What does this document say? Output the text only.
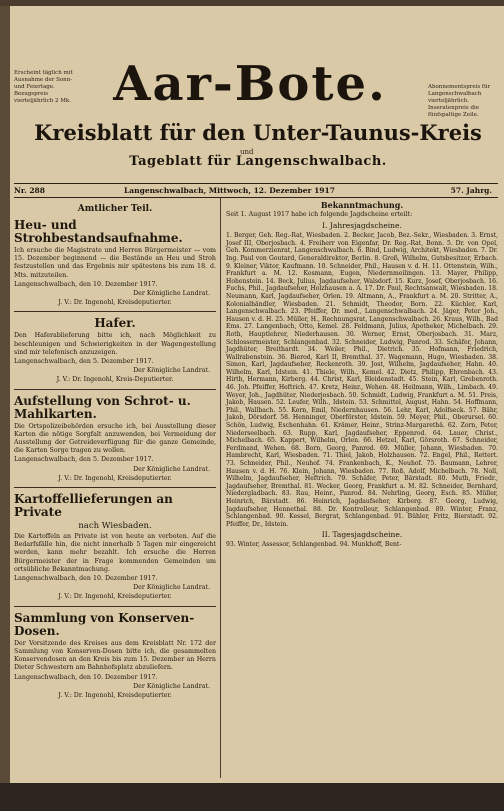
Erscheint täglich mit Ausnahme der Sonn- und Feiertage. Bezugspreis vierteljährlich 2 Mk. Aar-Bote.	Abonnementspreis für Langenschwalbach vierteljährlich. Inseratenpreis die fünfspaltige Zeile.
Kreisblatt für den Unter-Taunus-Kreis
und
Tageblatt für Langenschwalbach.
Nr. 288	Langenschwalbach, Mittwoch, 12. Dezember 1917	57. Jahrg.
Amtlicher Teil.
Heu- und Strohbestandsaufnahme.

Ich ersuche die Magistrate und Herren Bürgermeister — vom 15. Dezember beginnend — die Bestände an Heu und Stroh festzustellen und das Ergebnis mir spätestens bis zum 18. d. Mts. mitzuteilen.

Langenschwalbach, den 10. Dezember 1917.

Der Königliche Landrat.

J. V.: Dr. Ingenohl, Kreisdeputierter.

Hafer.

Den Haferablieferung bitte ich, nach Möglichkeit zu beschleunigen und Schwierigkeiten in der Wagengestellung sind mir telefonisch anzuzeigen.

Langenschwalbach, den 5. Dezember 1917.

Der Königliche Landrat.

J. V.: Dr. Ingenohl, Kreis-Deputierter.

Aufstellung von Schrot- u. Mahlkarten.

Die Ortspolizeibehörden ersuche ich, bei Ausstellung dieser Karten die nötige Sorgfalt anzuwenden, bei Vermeidung der Ausstellung der Getreideverfügung für die ganze Gemeinde, die Karten Sorge tragen zu wollen.

Langenschwalbach, den 5. Dezember 1917.

Der Königliche Landrat.

J. V.: Dr. Ingenohl, Kreisdeputierter.

Kartoffellieferungen an Private
nach Wiesbaden.

Die Kartoffeln an Private ist von heute an verboten. Auf die Bedarfsfälle hin, die nicht innerhalb 5 Tagen mir eingereicht werden, kann mehr bezahlt. Ich ersuche die Herren Bürgermeister der in Frage kommenden Gemeinden um ortsübliche Bekanntmachung.

Langenschwalbach, den 10. Dezember 1917.

Der Königliche Landrat.

J. V.: Dr. Ingenohl, Kreisdeputierter.

Sammlung von Konserven-Dosen.

Der Vorsitzende des Kreises aus dem Kreisblatt Nr. 172 der Sammlung von Konserven-Dosen bitte ich, die gesammelten Konservendosen an den Kreis bis zum 15. Dezember an Herrn Dieter Schwestern am Bahnhofsplatz abzuliefern.

Langenschwalbach, den 10. Dezember 1917.

Der Königliche Landrat.

J. V.: Dr. Ingenohl, Kreisdeputierter.

Bekanntmachung.

Seit 1. August 1917 habe ich folgende Jagdscheine erteilt:

I. Jahresjagdscheine.

1. Berger, Geh. Reg.-Rat, Wiesbaden. 2. Becker, Jacob, Bez.-Sekr., Wiesbaden. 3. Ernst, Josef III, Oberjosbach. 4. Freiherr von Eigenfar, Dr. Reg.-Rat, Bonn. 5. Dr. von Opel, Geh. Kommerzienrat, Langenschwalbach. 6. Bind, Ludwig, Architekt, Wiesbaden. 7. Dr. Ing. Paul von Goutard, Generaldirektor, Berlin. 8. Groß, Wilhelm, Gutsbesitzer, Erbach. 9. Kleiner, Viktor, Kaufmann. 10. Schneider, Phil., Hausen v. d. H. 11. Ottenstein, Wilh., Frankfurt a. M. 12. Kosmann, Eugen, Niedernmeilingen. 13. Mayer, Philipp, Hohenstein. 14. Beck, Julius, Jagdaufseher, Walsdorf. 15. Kurz, Josef, Oberjosbach. 16. Fuchs, Phil., Jagdaufseher, Holzhausen a. A. 17. Dr. Paul, Rechtsanwalt, Wiesbaden. 18. Neumann, Karl, Jagdaufseher, Orlen. 19. Altmann, A., Frankfurt a. M. 20. Stritter, A., Kolonialhändler, Wiesbaden. 21. Schmidt, Theodor, Born. 22. Küchler, Karl, Langenschwalbach. 23. Pfeiffer, Dr. med., Langenschwalbach. 24. Jäger, Peter Joh., Hausen v. d. H. 25. Müller, H., Rechnungsrat, Langenschwalbach. 26. Kraus, Wilh., Bad Ems. 27. Langenbach, Otto, Kemel. 28. Feldmann, Julius, Apotheker, Michelbach. 29. Roth, Hauptlehrer, Niederhausen. 30. Werner, Ernst, Oberjosbach. 31. Marz, Schlossermeister, Schlangenbad. 32. Schneider, Ludwig, Panrod. 33. Schäfer, Johann, Jagdhüter, Breithardt. 34. Weiler, Phil., Dietrich. 35. Hofmann, Friedrich, Wallrabenstein. 36. Bierod, Karl II, Bremthal. 37. Wagemann, Hugo, Wiesbaden. 38. Simon, Karl, Jagdaufseher, Reckenroth. 39. Jost, Wilhelm, Jagdaufseher, Hahn. 40. Wilhelm, Karl, Idstein. 41. Thiele, Wilh., Kemel. 42. Dietz, Philipp, Ehrenbach. 43. Hirth, Hermann, Kirberg. 44. Christ, Karl, Bleidenstadt. 45. Stein, Karl, Grebenroth. 46. Joh. Pfeiffer, Heftrich. 47. Kretz, Heinr., Wehen. 48. Heilmann, Wilh., Limbach. 49. Weyer, Joh., Jagdhüter, Niederjosbach. 50. Schmidt, Ludwig, Frankfurt a. M. 51. Preis, Jakob, Hausen. 52. Leufer, Wilh., Idstein. 53. Schmittel, August, Hahn. 54. Hoffmann, Phil., Wallbach. 55. Kern, Emil, Niedernhausen. 56. Lehr, Karl, Adolfseck. 57. Bähr, Jakob, Dörsdorf. 58. Henninger, Oberförster, Idstein. 59. Meyer, Phil., Oberursel. 60. Schön, Ludwig, Eschenhahn. 61. Krämer, Heinr., Strinz-Margarethä. 62. Zorn, Peter, Niederseelbach. 63. Rupp, Karl, Jagdaufseher, Eppenrod. 64. Lauer, Christ., Michelbach. 65. Kappert, Wilhelm, Orlen. 66. Hetzel, Karl, Görsroth. 67. Schneider, Ferdinand, Wehen. 68. Born, Georg, Panrod. 69. Müller, Johann, Wiesbaden. 70. Hambrecht, Karl, Wiesbaden. 71. Thiel, Jakob, Holzhausen. 72. Engel, Phil., Rettert. 73. Schneider, Phil., Neuhof. 74. Frankenbach, K., Neuhof. 75. Baumann, Lehrer, Hausen v. d. H. 76. Klein, Johann, Wiesbaden. 77. Roß, Adolf, Michelbach. 78. Noll, Wilhelm, Jagdaufseher, Heftrich. 79. Schäfer, Peter, Bärstadt. 80. Muth, Friedr., Jagdaufseher, Bremthal. 81. Wecker, Georg, Frankfurt a. M. 82. Schneider, Bernhard, Niedergladbach. 83. Rau, Heinr., Panrod. 84. Nehrling, Georg, Esch. 85. Müller, Heinrich, Bärstadt. 86. Heinrich, Jagdaufseher, Kirberg. 87. Georg, Ludwig, Jagdaufseher, Hennethal. 88. Dr. Kontrolleur, Schlangenbad. 89. Winter, Franz, Schlangenbad. 90. Kessel, Bergrat, Schlangenbad. 91. Bühler, Fritz, Bierstadt. 92. Pfeiffer, Dr., Idstein.

II. Tagesjagdscheine.

93. Winter, Assessor, Schlangenbad. 94. Munkhoff, Bent-
